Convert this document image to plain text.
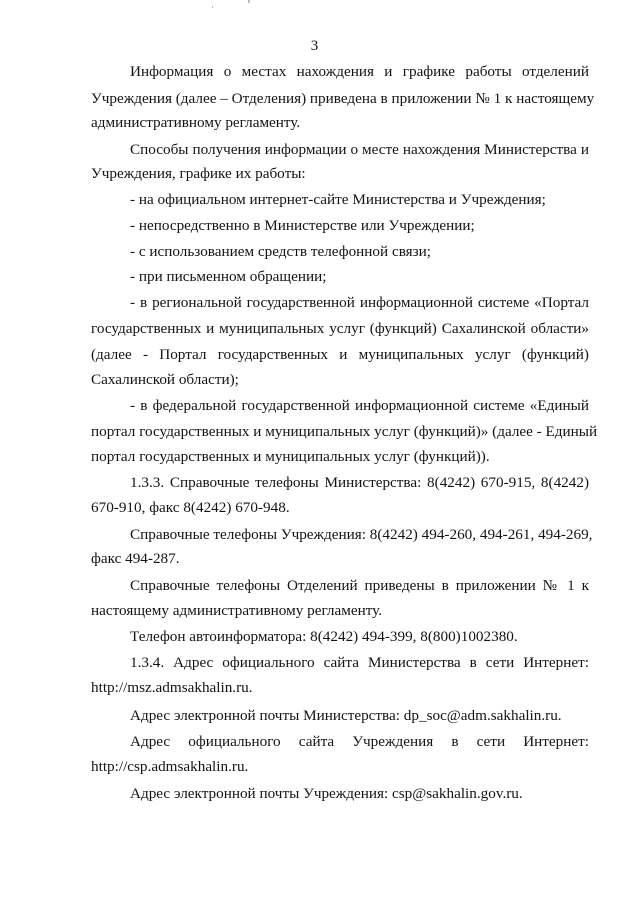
3
Информация о местах нахождения и графике работы отделений
Учреждения (далее – Отделения) приведена в приложении № 1 к настоящему
административному регламенту.
Способы получения информации о месте нахождения Министерства и
Учреждения, графике их работы:
- на официальном интернет-сайте Министерства и Учреждения;
- непосредственно в Министерстве или Учреждении;
- с использованием средств телефонной связи;
- при письменном обращении;
- в региональной государственной информационной системе «Портал
государственных и муниципальных услуг (функций) Сахалинской области»
(далее - Портал государственных и муниципальных услуг (функций)
Сахалинской области);
- в федеральной государственной информационной системе «Единый
портал государственных и муниципальных услуг (функций)» (далее - Единый
портал государственных и муниципальных услуг (функций)).
1.3.3. Справочные телефоны Министерства: 8(4242) 670-915, 8(4242)
670-910, факс 8(4242) 670-948.
Справочные телефоны Учреждения: 8(4242) 494-260, 494-261, 494-269,
факс 494-287.
Справочные телефоны Отделений приведены в приложении № 1 к
настоящему административному регламенту.
Телефон автоинформатора: 8(4242) 494-399, 8(800)1002380.
1.3.4. Адрес официального сайта Министерства в сети Интернет:
http://msz.admsakhalin.ru.
Адрес электронной почты Министерства: dp_soc@adm.sakhalin.ru.
Адрес официального сайта Учреждения в сети Интернет:
http://csp.admsakhalin.ru.
Адрес электронной почты Учреждения: csp@sakhalin.gov.ru.
